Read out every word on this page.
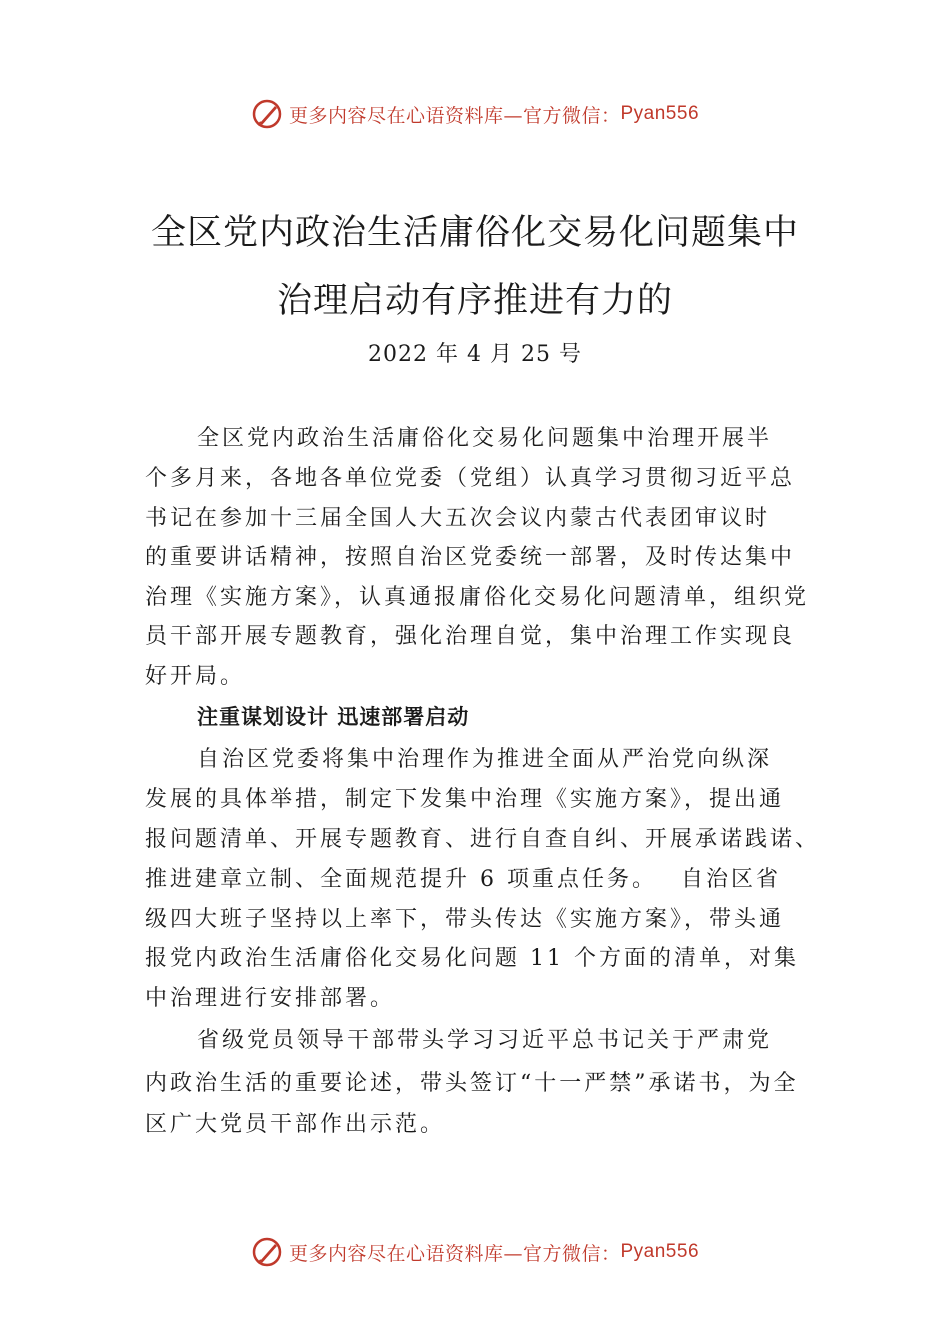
更多内容尽在心语资料库—官方微信： Pyan556
全区党内政治生活庸俗化交易化问题集中
治理启动有序推进有力的
2022 年 4 月 25 号
全区党内政治生活庸俗化交易化问题集中治理开展半
个多月来，各地各单位党委（党组）认真学习贯彻习近平总
书记在参加十三届全国人大五次会议内蒙古代表团审议时
的重要讲话精神，按照自治区党委统一部署，及时传达集中
治理《实施方案》，认真通报庸俗化交易化问题清单，组织党
员干部开展专题教育，强化治理自觉，集中治理工作实现良
好开局。
注重谋划设计 迅速部署启动
自治区党委将集中治理作为推进全面从严治党向纵深
发展的具体举措，制定下发集中治理《实施方案》，提出通
报问题清单、开展专题教育、进行自查自纠、开展承诺践诺、
推进建章立制、全面规范提升 6 项重点任务。　 自治区省
级四大班子坚持以上率下，带头传达《实施方案》，带头通
报党内政治生活庸俗化交易化问题 11 个方面的清单，对集
中治理进行安排部署。
省级党员领导干部带头学习习近平总书记关于严肃党
内政治生活的重要论述，带头签订“十一严禁”承诺书，为全
区广大党员干部作出示范。
更多内容尽在心语资料库—官方微信： Pyan556
